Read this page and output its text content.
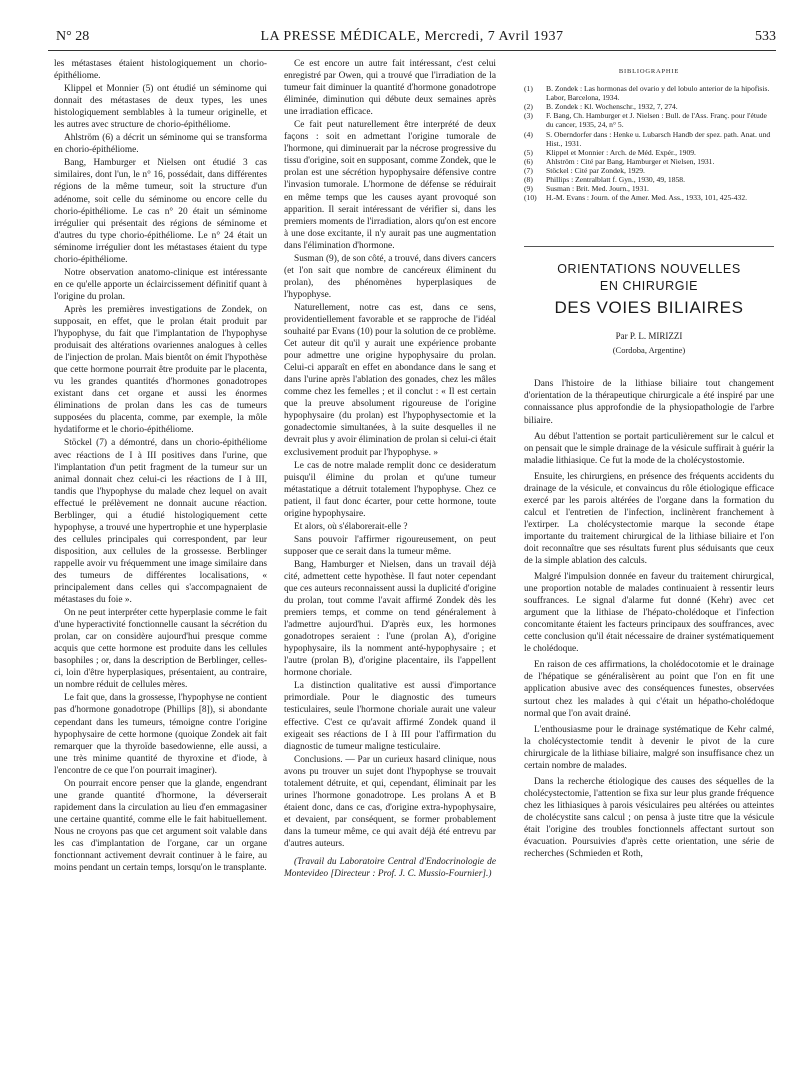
N° 28	LA PRESSE MÉDICALE, Mercredi, 7 Avril 1937	533

les métastases étaient histologiquement un chorio-épithéliome.

Klippel et Monnier (5) ont étudié un séminome qui donnait des métastases de deux types, les unes histologiquement semblables à la tumeur originelle, et les autres avec structure de chorio-épithéliome.

Ahlström (6) a décrit un séminome qui se transforma en chorio-épithéliome.

Bang, Hamburger et Nielsen ont étudié 3 cas similaires, dont l'un, le n° 16, possédait, dans différentes régions de la même tumeur, soit la structure d'un adénome, soit celle du séminome ou encore celle du chorio-épithéliome. Le cas n° 20 était un séminome irrégulier qui présentait des régions de séminome et d'autres du type chorio-épithéliome. Le n° 24 était un séminome irrégulier dont les métastases étaient du type chorio-épithéliome.

Notre observation anatomo-clinique est intéressante en ce qu'elle apporte un éclaircissement définitif quant à l'origine du prolan.

Après les premières investigations de Zondek, on supposait, en effet, que le prolan était produit par l'hypophyse, du fait que l'implantation de l'hypophyse produisait des altérations ovariennes analogues à celles de l'injection de prolan. Mais bientôt on émit l'hypothèse que cette hormone pourrait être produite par le placenta, vu les grandes quantités d'hormones gonadotropes existant dans cet organe et aussi les énormes éliminations de prolan dans les cas de tumeurs supposées du placenta, comme, par exemple, la môle hydatiforme et le chorio-épithéliome.

Stöckel (7) a démontré, dans un chorio-épithéliome avec réactions de I à III positives dans l'urine, que l'implantation d'un petit fragment de la tumeur sur un animal donnait chez celui-ci les réactions de I à III, tandis que l'hypophyse du malade chez lequel on avait effectué le prélèvement ne donnait aucune réaction. Berblinger, qui a étudié histologiquement cette hypophyse, a trouvé une hypertrophie et une hyperplasie des cellules principales qui correspondent, par leur disposition, aux cellules de la grossesse. Berblinger rappelle avoir vu fréquemment une image similaire dans des tumeurs de différentes localisations, « principalement dans celles qui s'accompagnaient de métastases du foie ».

On ne peut interpréter cette hyperplasie comme le fait d'une hyperactivité fonctionnelle causant la sécrétion du prolan, car on considère aujourd'hui presque comme acquis que cette hormone est produite dans les cellules basophiles ; or, dans la description de Berblinger, celles-ci, loin d'être hyperplasiques, présentaient, au contraire, un nombre réduit de cellules mères.

Le fait que, dans la grossesse, l'hypophyse ne contient pas d'hormone gonadotrope (Phillips [8]), si abondante cependant dans les tumeurs, témoigne contre l'origine hypophysaire de cette hormone (quoique Zondek ait fait remarquer que la thyroïde basedowienne, elle aussi, a une très minime quantité de thyroxine et d'iode, à l'encontre de ce que l'on pourrait imaginer).

On pourrait encore penser que la glande, engendrant une grande quantité d'hormone, la déverserait rapidement dans la circulation au lieu d'en emmagasiner une certaine quantité, comme elle le fait habituellement. Nous ne croyons pas que cet argument soit valable dans les cas d'implantation de l'organe, car un organe fonctionnant activement devrait continuer à le faire, au moins pendant un certain temps, lorsqu'on le transplante.

Ce est encore un autre fait intéressant, c'est celui enregistré par Owen, qui a trouvé que l'irradiation de la tumeur fait diminuer la quantité d'hormone gonadotrope éliminée, diminution qui débute deux semaines après une irradiation efficace.

Ce fait peut naturellement être interprété de deux façons : soit en admettant l'origine tumorale de l'hormone, qui diminuerait par la nécrose progressive du tissu d'origine, soit en supposant, comme Zondek, que le prolan est une sécrétion hypophysaire défensive contre l'invasion tumorale. L'hormone de défense se réduirait en même temps que les causes ayant provoqué son apparition. Il serait intéressant de vérifier si, dans les premiers moments de l'irradiation, alors qu'on est encore à une dose excitante, il n'y aurait pas une augmentation dans l'élimination d'hormone.

Susman (9), de son côté, a trouvé, dans divers cancers (et l'on sait que nombre de cancéreux éliminent du prolan), des phénomènes hyperplasiques de l'hypophyse.

Naturellement, notre cas est, dans ce sens, providentiellement favorable et se rapproche de l'idéal souhaité par Evans (10) pour la solution de ce problème. Cet auteur dit qu'il y aurait une expérience probante pour admettre une origine hypophysaire du prolan. Celui-ci apparaît en effet en abondance dans le sang et dans l'urine après l'ablation des gonades, chez les mâles comme chez les femelles ; et il conclut : « Il est certain que la preuve absolument rigoureuse de l'origine hypophysaire (du prolan) est l'hypophysectomie et la gonadectomie simultanées, à la suite desquelles il ne devrait plus y avoir élimination de prolan si celui-ci était exclusivement produit par l'hypophyse. »

Le cas de notre malade remplit donc ce desideratum puisqu'il élimine du prolan et qu'une tumeur métastatique a détruit totalement l'hypophyse. Chez ce patient, il faut donc écarter, pour cette hormone, toute origine hypophysaire.

Et alors, où s'élaborerait-elle ?

Sans pouvoir l'affirmer rigoureusement, on peut supposer que ce serait dans la tumeur même.

Bang, Hamburger et Nielsen, dans un travail déjà cité, admettent cette hypothèse. Il faut noter cependant que ces auteurs reconnaissent aussi la duplicité d'origine du prolan, tout comme l'avait affirmé Zondek dès les premiers temps, et comme on tend généralement à l'admettre aujourd'hui. D'après eux, les hormones gonadotropes seraient : l'une (prolan A), d'origine hypophysaire, ils la nomment anté-hypophysaire ; et l'autre (prolan B), d'origine placentaire, ils l'appellent hormone choriale.

La distinction qualitative est aussi d'importance primordiale. Pour le diagnostic des tumeurs testiculaires, seule l'hormone choriale aurait une valeur effective. C'est ce qu'avait affirmé Zondek quand il exigeait ses réactions de I à III pour l'affirmation du diagnostic de tumeur maligne testiculaire.

Conclusions. — Par un curieux hasard clinique, nous avons pu trouver un sujet dont l'hypophyse se trouvait totalement détruite, et qui, cependant, éliminait par les urines l'hormone gonadotrope. Les prolans A et B étaient donc, dans ce cas, d'origine extra-hypophysaire, et devaient, par conséquent, se former probablement dans la tumeur même, ce qui avait déjà été entrevu par d'autres auteurs.

(Travail du Laboratoire Central d'Endocrinologie de Montevideo [Directeur : Prof. J. C. Mussio-Fournier].)

BIBLIOGRAPHIE
(1) B. Zondek : Las hormonas del ovario y del lobulo anterior de la hipofisis. Labor, Barcelona, 1934.
(2) B. Zondek : Kl. Wochenschr., 1932, 7, 274.
(3) F. Bang, Ch. Hamburger et J. Nielsen : Bull. de l'Ass. Franç. pour l'étude du cancer, 1935, 24, n° 5.
(4) S. Oberndorfer dans : Henke u. Lubarsch Handb der spez. path. Anat. und Hist., 1931.
(5) Klippel et Monnier : Arch. de Méd. Expér., 1909.
(6) Ahlström : Cité par Bang, Hamburger et Nielsen, 1931.
(7) Stöckel : Cité par Zondek, 1929.
(8) Phillips : Zentralblatt f. Gyn., 1930, 49, 1858.
(9) Susman : Brit. Med. Journ., 1931.
(10) H.-M. Evans : Journ. of the Amer. Med. Ass., 1933, 101, 425-432.
ORIENTATIONS NOUVELLES
EN CHIRURGIE
DES VOIES BILIAIRES
Par P. L. MIRIZZI
(Cordoba, Argentine)

Dans l'histoire de la lithiase biliaire tout changement d'orientation de la thérapeutique chirurgicale a été inspiré par une connaissance plus approfondie de la physiopathologie de l'arbre biliaire.

Au début l'attention se portait particulièrement sur le calcul et on pensait que le simple drainage de la vésicule suffirait à guérir la maladie lithiasique. Ce fut la mode de la cholécystostomie.

Ensuite, les chirurgiens, en présence des fréquents accidents du drainage de la vésicule, et convaincus du rôle étiologique efficace exercé par les parois altérées de l'organe dans la formation du calcul et l'entretien de l'infection, inclinèrent franchement à l'extirper. La cholécystectomie marque la seconde étape importante du traitement chirurgical de la lithiase biliaire et l'on doit reconnaître que ses résultats furent plus séduisants que ceux de la simple ablation des calculs.

Malgré l'impulsion donnée en faveur du traitement chirurgical, une proportion notable de malades continuaient à ressentir leurs souffrances. Le signal d'alarme fut donné (Kehr) avec cet argument que la lithiase de l'hépato-cholédoque et l'infection concomitante étaient les facteurs principaux des souffrances, avec cette conclusion qu'il était nécessaire de drainer systématiquement le cholédoque.

En raison de ces affirmations, la cholédocotomie et le drainage de l'hépatique se généralisèrent au point que l'on en fit une application abusive avec des conséquences funestes, observées surtout chez les malades à qui c'était un hépatho-cholédoque normal que l'on avait drainé.

L'enthousiasme pour le drainage systématique de Kehr calmé, la cholécystectomie tendit à devenir le pivot de la cure chirurgicale de la lithiase biliaire, malgré son insuffisance chez un certain nombre de malades.

Dans la recherche étiologique des causes des séquelles de la cholécystectomie, l'attention se fixa sur leur plus grande fréquence chez les lithiasiques à parois vésiculaires peu altérées ou atteintes de cholécystite sans calcul ; on pensa à juste titre que la vésicule était l'origine des troubles fonctionnels affectant surtout son évacuation. Poursuivies d'après cette orientation, une série de recherches (Schmieden et Roth,
